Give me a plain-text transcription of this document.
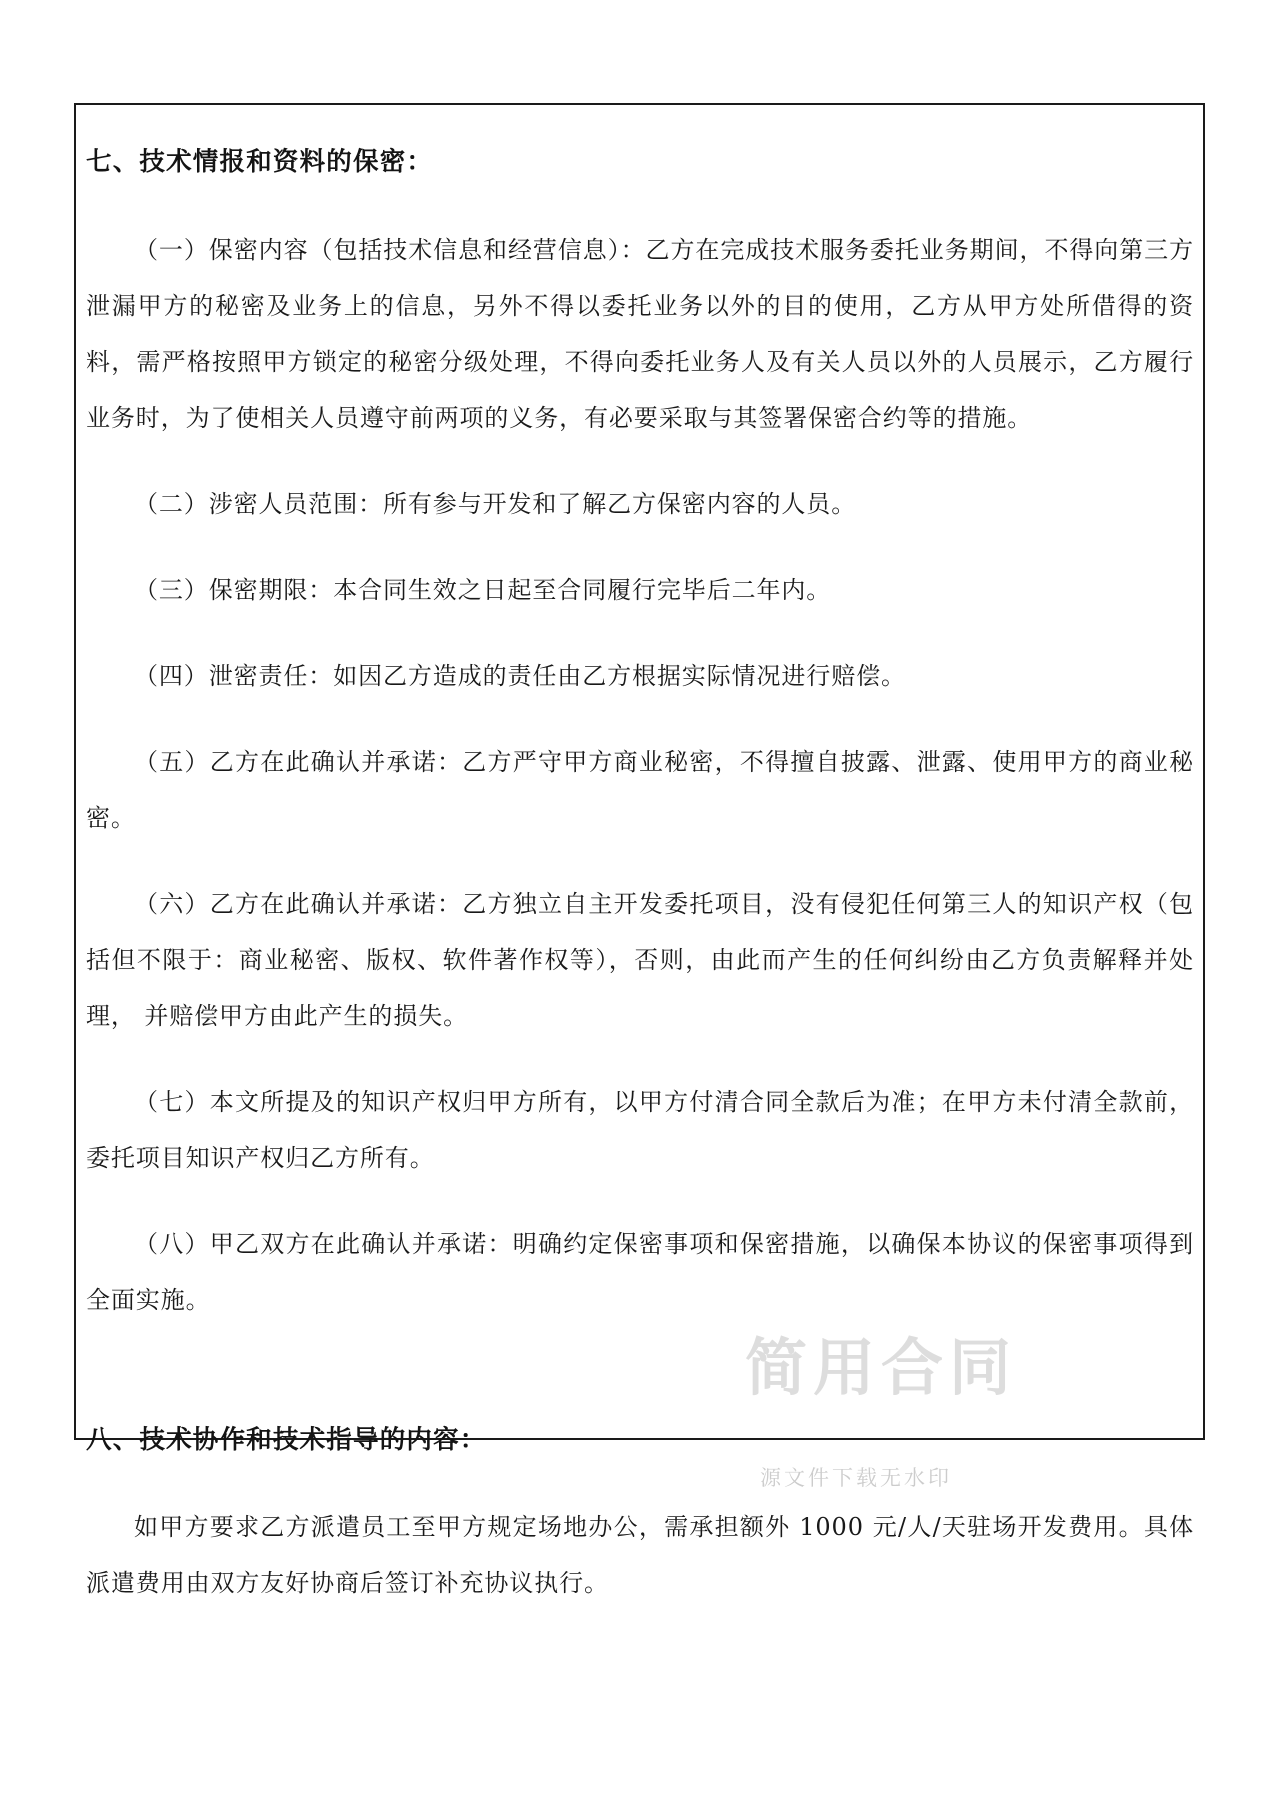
七、技术情报和资料的保密：

（一）保密内容（包括技术信息和经营信息）：乙方在完成技术服务委托业务期间，不得向第三方泄漏甲方的秘密及业务上的信息，另外不得以委托业务以外的目的使用，乙方从甲方处所借得的资料，需严格按照甲方锁定的秘密分级处理，不得向委托业务人及有关人员以外的人员展示，乙方履行业务时，为了使相关人员遵守前两项的义务，有必要采取与其签署保密合约等的措施。

（二）涉密人员范围：所有参与开发和了解乙方保密内容的人员。

（三）保密期限：本合同生效之日起至合同履行完毕后二年内。

（四）泄密责任：如因乙方造成的责任由乙方根据实际情况进行赔偿。

（五）乙方在此确认并承诺：乙方严守甲方商业秘密，不得擅自披露、泄露、使用甲方的商业秘密。

（六）乙方在此确认并承诺：乙方独立自主开发委托项目，没有侵犯任何第三人的知识产权（包括但不限于：商业秘密、版权、软件著作权等），否则，由此而产生的任何纠纷由乙方负责解释并处理， 并赔偿甲方由此产生的损失。

（七）本文所提及的知识产权归甲方所有，以甲方付清合同全款后为准；在甲方未付清全款前，委托项目知识产权归乙方所有。

（八）甲乙双方在此确认并承诺：明确约定保密事项和保密措施，以确保本协议的保密事项得到全面实施。

八、技术协作和技术指导的内容：

如甲方要求乙方派遣员工至甲方规定场地办公，需承担额外 1000 元/人/天驻场开发费用。具体派遣费用由双方友好协商后签订补充协议执行。

简用合同
源文件下载无水印
